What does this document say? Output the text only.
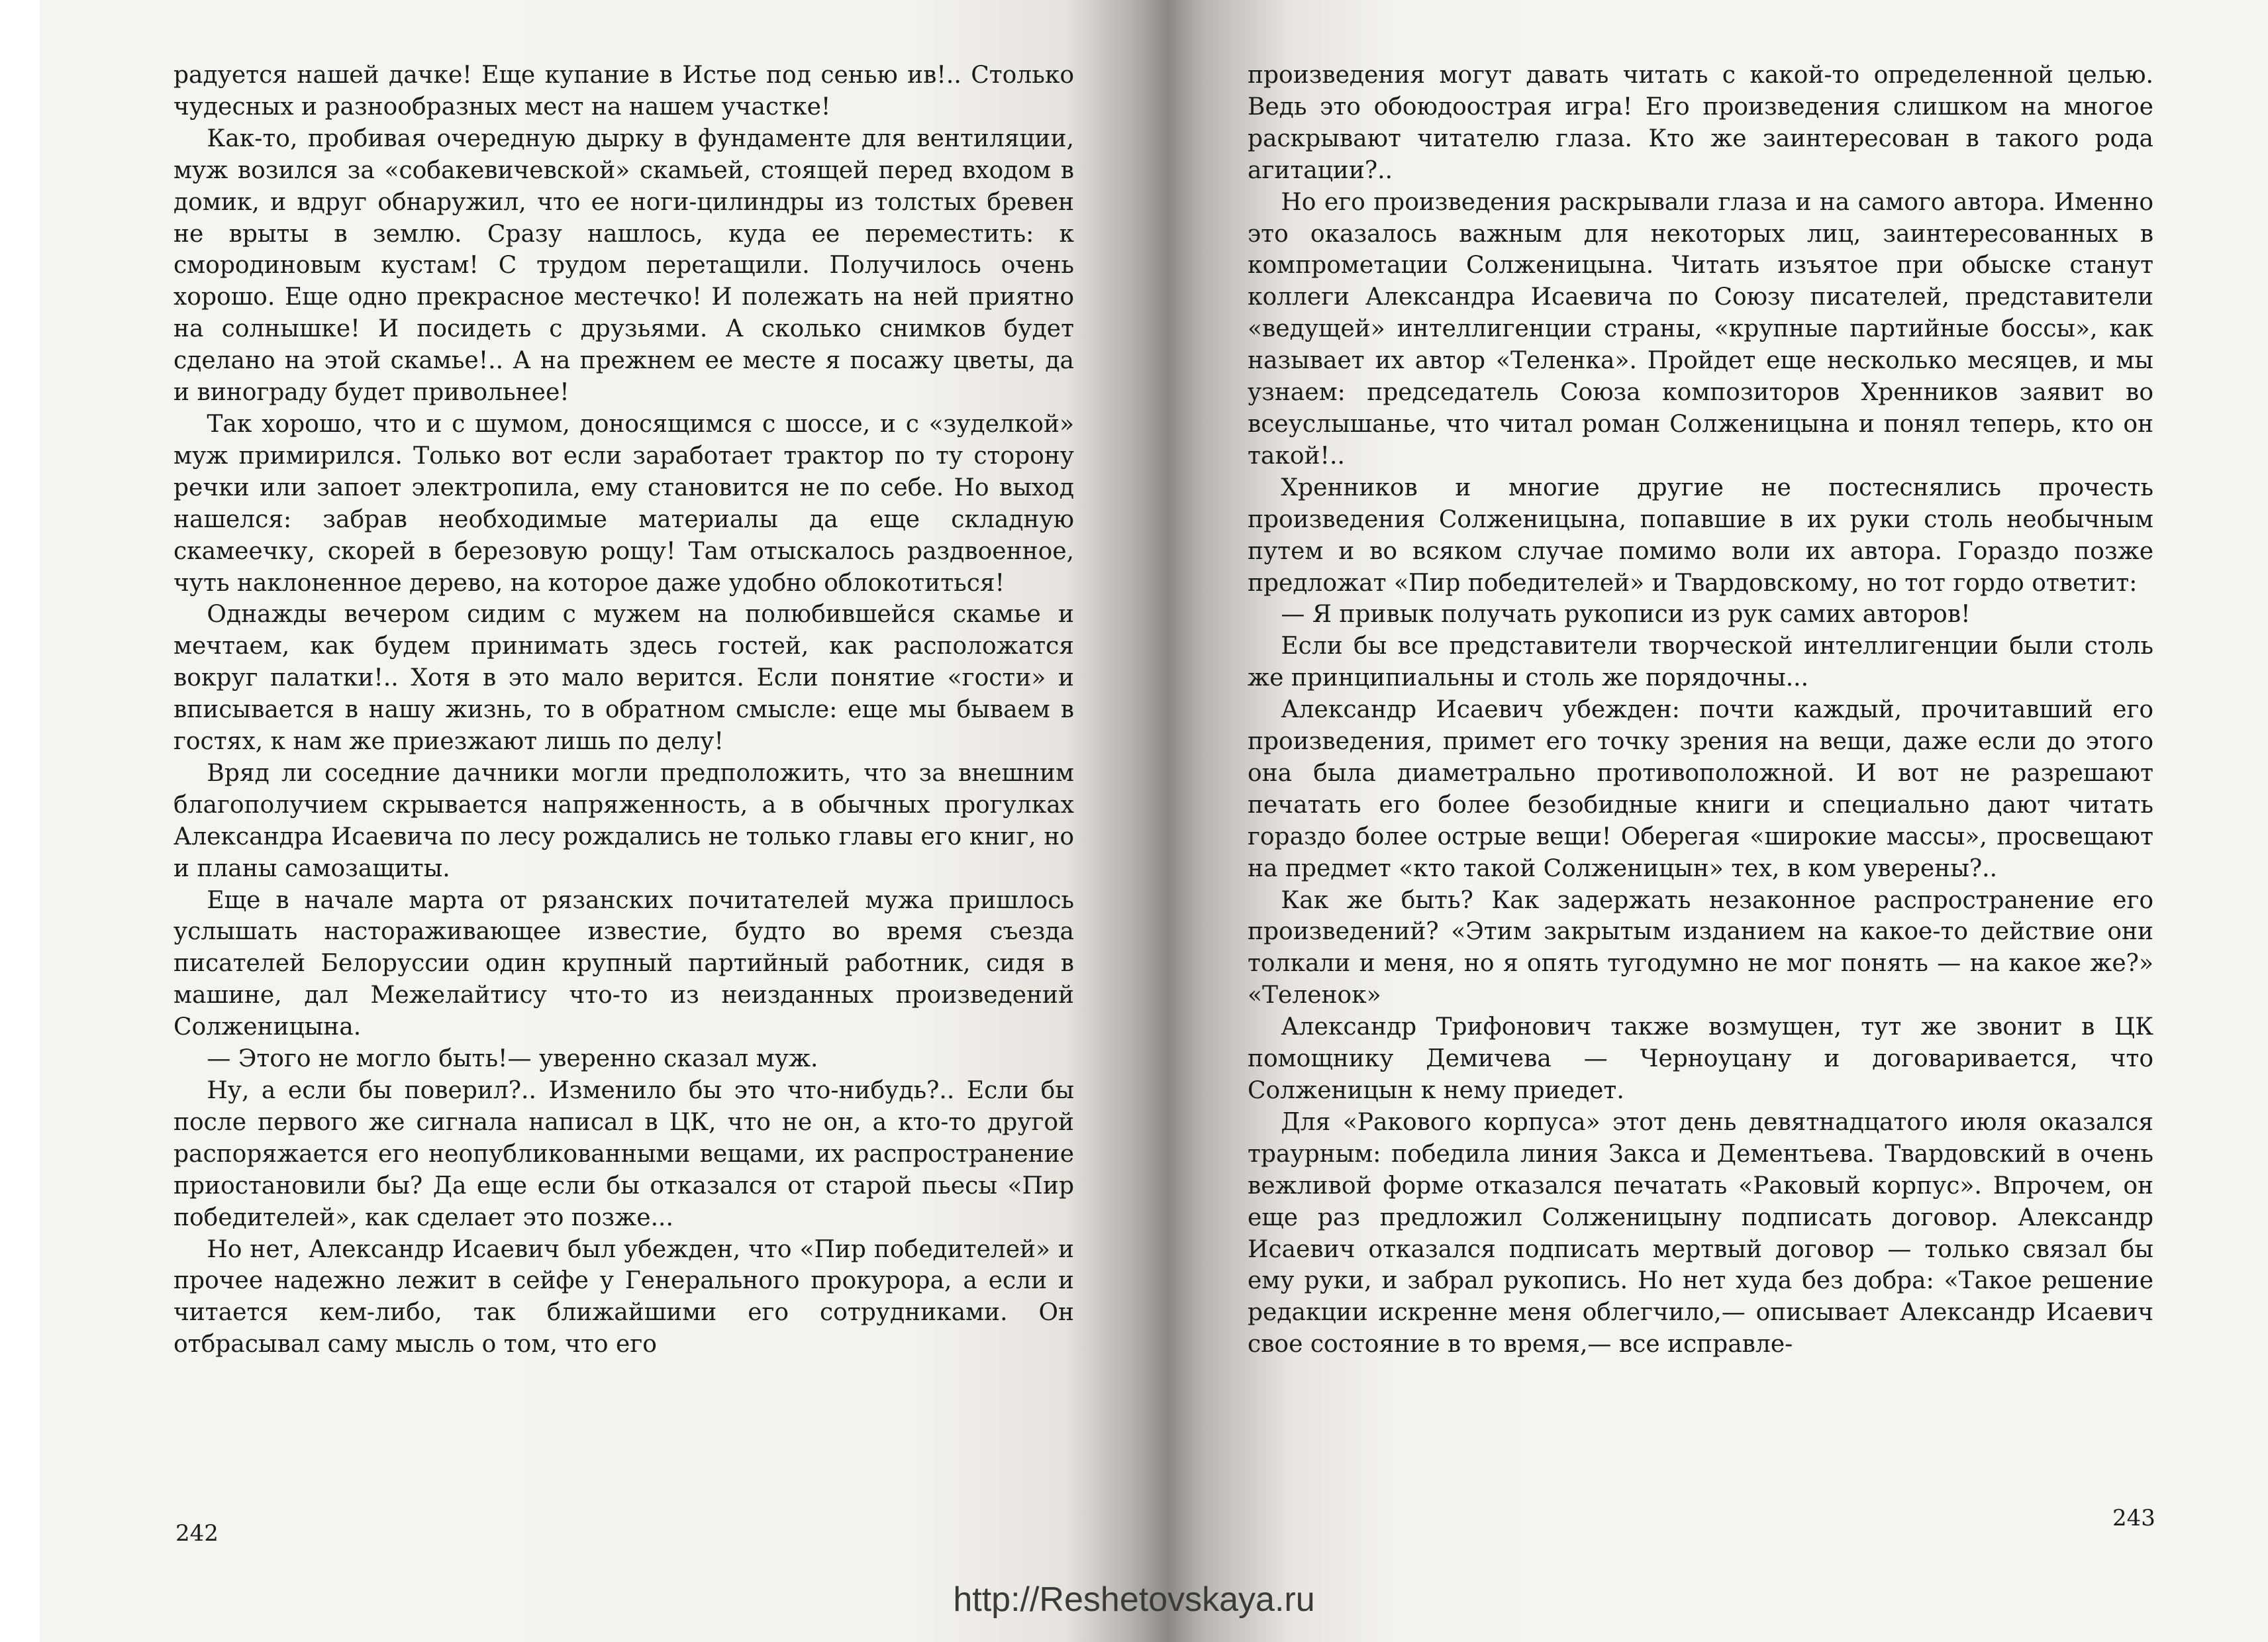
радуется нашей дачке! Еще купание в Истье под сенью ив!.. Столько чудесных и разнообразных мест на нашем участке!

Как-то, пробивая очередную дырку в фундаменте для вентиляции, муж возился за «собакевичевской» скамьей, стоящей перед входом в домик, и вдруг обнаружил, что ее ноги-цилиндры из толстых бревен не врыты в землю. Сразу нашлось, куда ее переместить: к смородиновым кустам! С трудом перетащили. Получилось очень хорошо. Еще одно прекрасное местечко! И полежать на ней приятно на солнышке! И посидеть с друзьями. А сколько снимков будет сделано на этой скамье!.. А на прежнем ее месте я посажу цветы, да и винограду будет привольнее!

Так хорошо, что и с шумом, доносящимся с шоссе, и с «зуделкой» муж примирился. Только вот если заработает трактор по ту сторону речки или запоет электропила, ему становится не по себе. Но выход нашелся: забрав необходимые материалы да еще складную скамеечку, скорей в березовую рощу! Там отыскалось раздвоенное, чуть наклоненное дерево, на которое даже удобно облокотиться!

Однажды вечером сидим с мужем на полюбившейся скамье и мечтаем, как будем принимать здесь гостей, как расположатся вокруг палатки!.. Хотя в это мало верится. Если понятие «гости» и вписывается в нашу жизнь, то в обратном смысле: еще мы бываем в гостях, к нам же приезжают лишь по делу!

Вряд ли соседние дачники могли предположить, что за внешним благополучием скрывается напряженность, а в обычных прогулках Александра Исаевича по лесу рождались не только главы его книг, но и планы самозащиты.

Еще в начале марта от рязанских почитателей мужа пришлось услышать настораживающее известие, будто во время съезда писателей Белоруссии один крупный партийный работник, сидя в машине, дал Межелайтису что-то из неизданных произведений Солженицына.

— Этого не могло быть!— уверенно сказал муж.

Ну, а если бы поверил?.. Изменило бы это что-нибудь?.. Если бы после первого же сигнала написал в ЦК, что не он, а кто-то другой распоряжается его неопубликованными вещами, их распространение приостановили бы? Да еще если бы отказался от старой пьесы «Пир победителей», как сделает это позже...

Но нет, Александр Исаевич был убежден, что «Пир победителей» и прочее надежно лежит в сейфе у Генерального прокурора, а если и читается кем-либо, так ближайшими его сотрудниками. Он отбрасывал саму мысль о том, что его

произведения могут давать читать с какой-то определенной целью. Ведь это обоюдоострая игра! Его произведения слишком на многое раскрывают читателю глаза. Кто же заинтересован в такого рода агитации?..

Но его произведения раскрывали глаза и на самого автора. Именно это оказалось важным для некоторых лиц, заинтересованных в компрометации Солженицына. Читать изъятое при обыске станут коллеги Александра Исаевича по Союзу писателей, представители «ведущей» интеллигенции страны, «крупные партийные боссы», как называет их автор «Теленка». Пройдет еще несколько месяцев, и мы узнаем: председатель Союза композиторов Хренников заявит во всеуслышанье, что читал роман Солженицына и понял теперь, кто он такой!..

Хренников и многие другие не постеснялись прочесть произведения Солженицына, попавшие в их руки столь необычным путем и во всяком случае помимо воли их автора. Гораздо позже предложат «Пир победителей» и Твардовскому, но тот гордо ответит:

— Я привык получать рукописи из рук самих авторов!

Если бы все представители творческой интеллигенции были столь же принципиальны и столь же порядочны...

Александр Исаевич убежден: почти каждый, прочитавший его произведения, примет его точку зрения на вещи, даже если до этого она была диаметрально противоположной. И вот не разрешают печатать его более безобидные книги и специально дают читать гораздо более острые вещи! Оберегая «широкие массы», просвещают на предмет «кто такой Солженицын» тех, в ком уверены?..

Как же быть? Как задержать незаконное распространение его произведений? «Этим закрытым изданием на какое-то действие они толкали и меня, но я опять тугодумно не мог понять — на какое же?» «Теленок»

Александр Трифонович также возмущен, тут же звонит в ЦК помощнику Демичева — Черноуцану и договаривается, что Солженицын к нему приедет.

Для «Ракового корпуса» этот день девятнадцатого июля оказался траурным: победила линия Закса и Дементьева. Твардовский в очень вежливой форме отказался печатать «Раковый корпус». Впрочем, он еще раз предложил Солженицыну подписать договор. Александр Исаевич отказался подписать мертвый договор — только связал бы ему руки, и забрал рукопись. Но нет худа без добра: «Такое решение редакции искренне меня облегчило,— описывает Александр Исаевич свое состояние в то время,— все исправле-

242
243
http://Reshetovskaya.ru
